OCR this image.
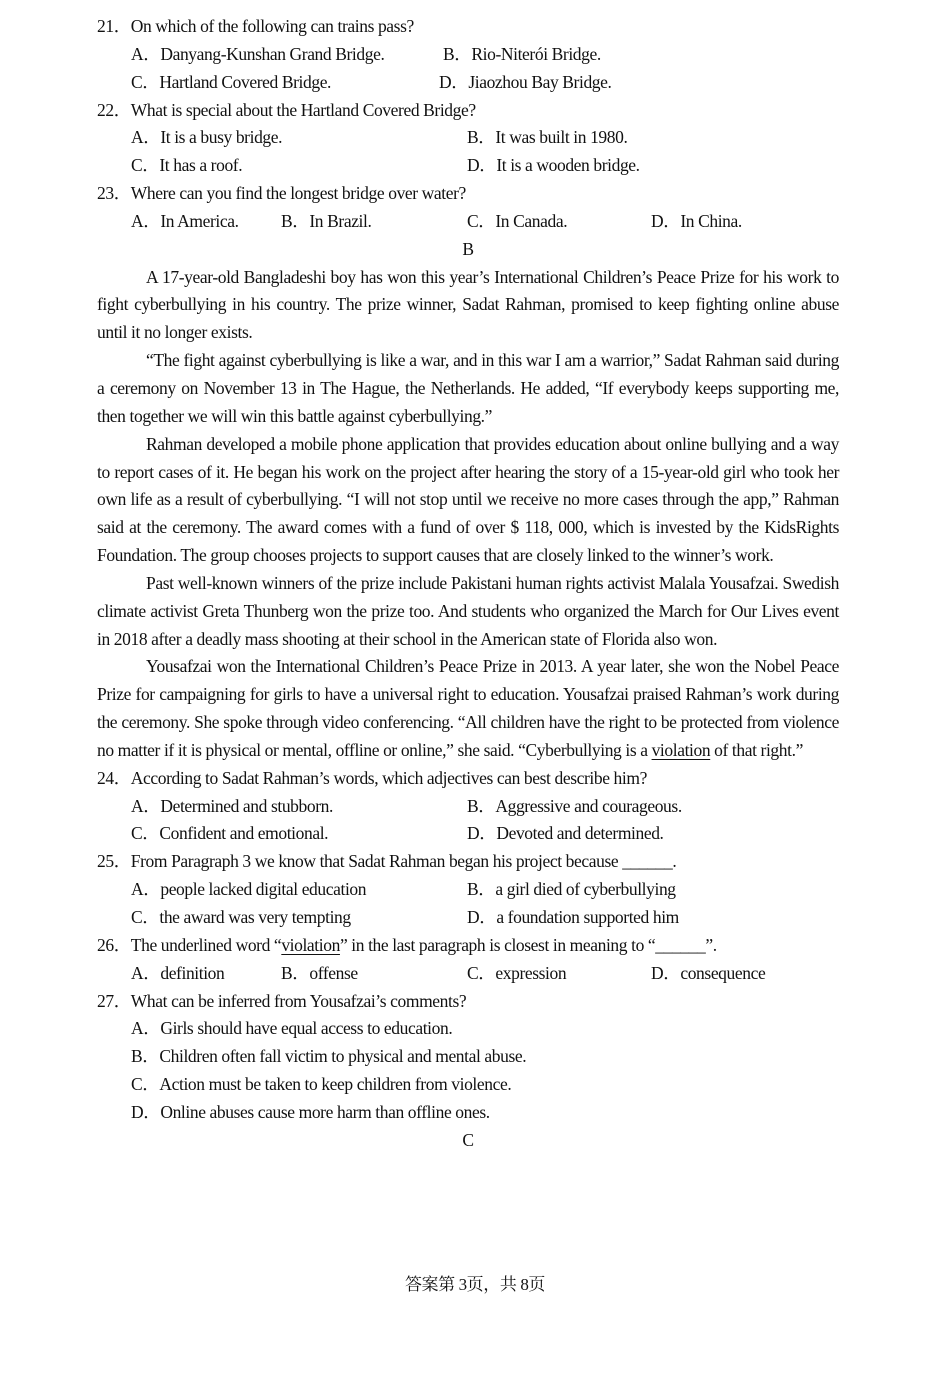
21．On which of the following can trains pass?
A．Danyang-Kunshan Grand Bridge.	B．Rio-Niterói Bridge.
C．Hartland Covered Bridge.	D．Jiaozhou Bay Bridge.
22．What is special about the Hartland Covered Bridge?
A．It is a busy bridge.	B．It was built in 1980.
C．It has a roof.	D．It is a wooden bridge.
23．Where can you find the longest bridge over water?
A．In America. B．In Brazil.	C．In Canada.	D．In China.
B

A 17-year-old Bangladeshi boy has won this year’s International Children’s Peace Prize for his work to fight cyberbullying in his country. The prize winner, Sadat Rahman, promised to keep fighting online abuse until it no longer exists.

“The fight against cyberbullying is like a war, and in this war I am a warrior,” Sadat Rahman said during a ceremony on November 13 in The Hague, the Netherlands. He added, “If everybody keeps supporting me, then together we will win this battle against cyberbullying.”

Rahman developed a mobile phone application that provides education about online bullying and a way to report cases of it. He began his work on the project after hearing the story of a 15-year-old girl who took her own life as a result of cyberbullying. “I will not stop until we receive no more cases through the app,” Rahman said at the ceremony. The award comes with a fund of over $ 118, 000, which is invested by the KidsRights Foundation. The group chooses projects to support causes that are closely linked to the winner’s work.

Past well-known winners of the prize include Pakistani human rights activist Malala Yousafzai. Swedish climate activist Greta Thunberg won the prize too. And students who organized the March for Our Lives event in 2018 after a deadly mass shooting at their school in the American state of Florida also won.

Yousafzai won the International Children’s Peace Prize in 2013. A year later, she won the Nobel Peace Prize for campaigning for girls to have a universal right to education. Yousafzai praised Rahman’s work during the ceremony. She spoke through video conferencing. “All children have the right to be protected from violence no matter if it is physical or mental, offline or online,” she said. “Cyberbullying is a violation of that right.”

24．According to Sadat Rahman’s words, which adjectives can best describe him?
A．Determined and stubborn.	B．Aggressive and courageous.
C．Confident and emotional.	D．Devoted and determined.
25．From Paragraph 3 we know that Sadat Rahman began his project because ______.
A．people lacked digital education	B．a girl died of cyberbullying
C．the award was very tempting	D．a foundation supported him
26．The underlined word “violation” in the last paragraph is closest in meaning to “______”.
A．definition	B．offense	C．expression	D．consequence
27．What can be inferred from Yousafzai’s comments?
A．Girls should have equal access to education.
B．Children often fall victim to physical and mental abuse.
C．Action must be taken to keep children from violence.
D．Online abuses cause more harm than offline ones.
C
答案第 3页，共 8页
